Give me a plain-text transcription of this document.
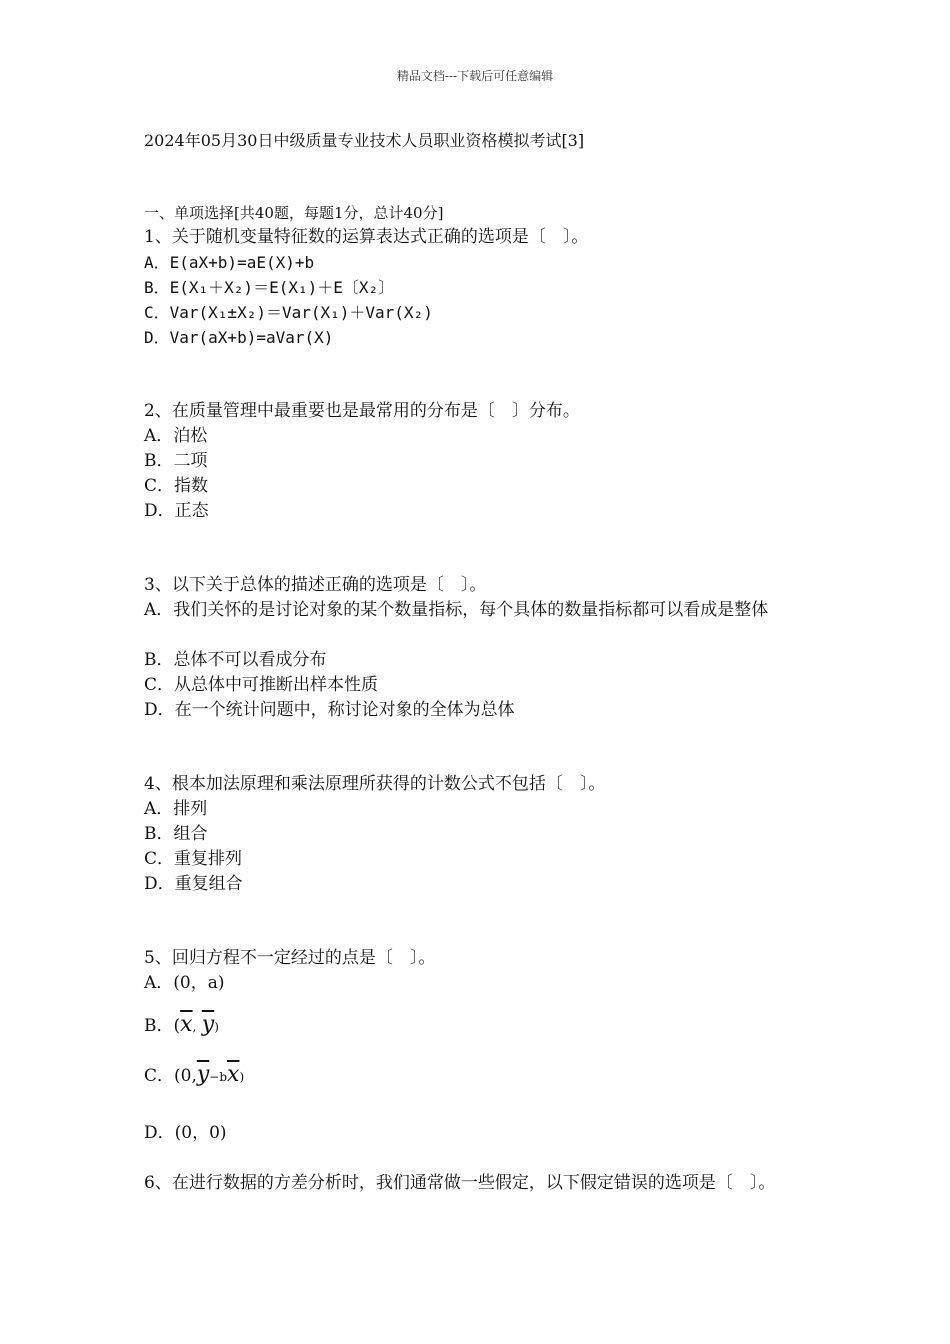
精品文档---下载后可任意编辑
2024年05月30日中级质量专业技术人员职业资格模拟考试[3]
一、单项选择[共40题，每题1分，总计40分]
1、关于随机变量特征数的运算表达式正确的选项是〔　〕。
A．E(aX+b)=aE(X)+b
B．E(X₁＋X₂)＝E(X₁)＋E〔X₂〕
C．Var(X₁±X₂)＝Var(X₁)＋Var(X₂)
D．Var(aX+b)=aVar(X)
2、在质量管理中最重要也是最常用的分布是〔　〕分布。
A．泊松
B．二项
C．指数
D．正态
3、以下关于总体的描述正确的选项是〔　〕。
A．我们关怀的是讨论对象的某个数量指标，每个具体的数量指标都可以看成是整体
B．总体不可以看成分布
C．从总体中可推断出样本性质
D．在一个统计问题中，称讨论对象的全体为总体
4、根本加法原理和乘法原理所获得的计数公式不包括〔　〕。
A．排列
B．组合
C．重复排列
D．重复组合
5、回归方程不一定经过的点是〔　〕。
A．(0，a)
B．($\overline{x}$, $\overline{y}$)
C．$(0,\overline{y}-b\overline{x})$
D．(0，0)
6、在进行数据的方差分析时，我们通常做一些假定，以下假定错误的选项是〔　〕。
